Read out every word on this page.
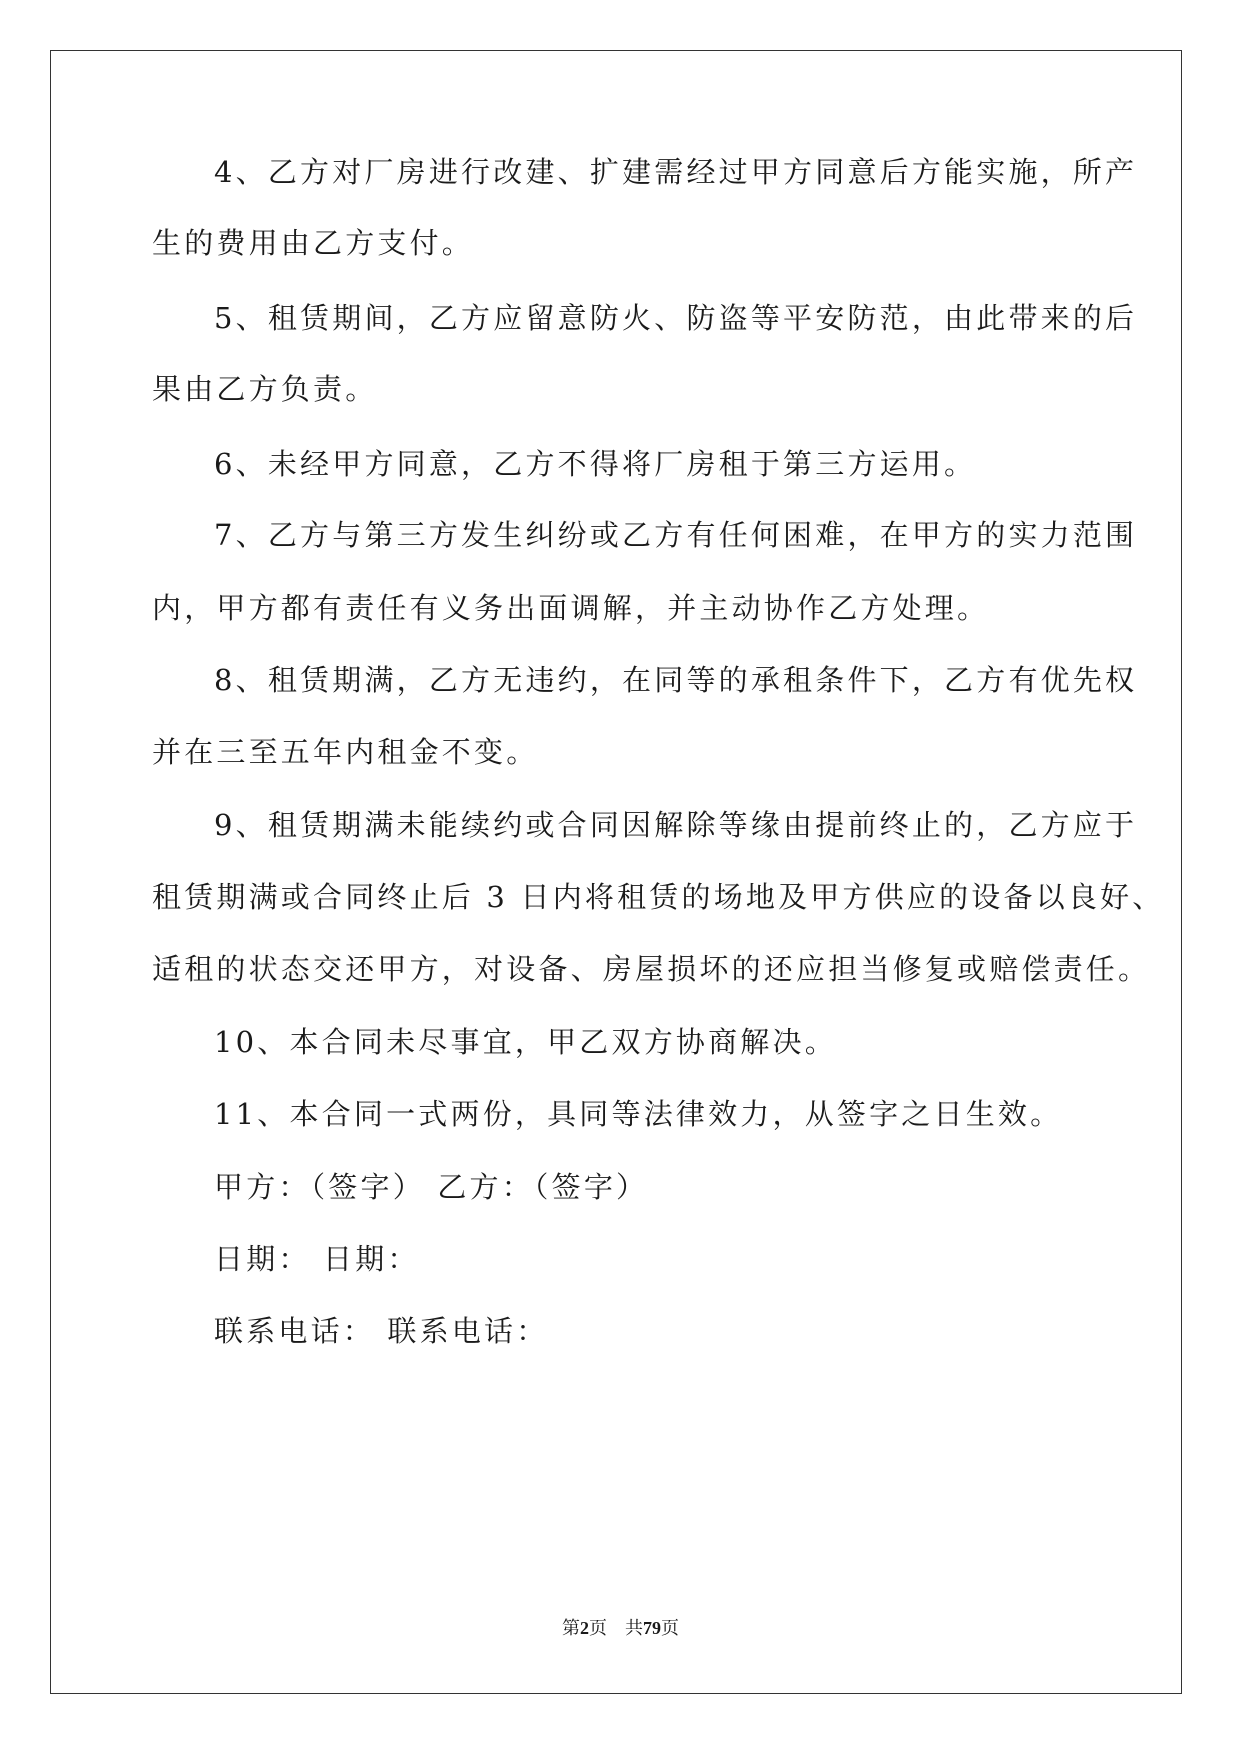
4、乙方对厂房进行改建、扩建需经过甲方同意后方能实施，所产
生的费用由乙方支付。
5、租赁期间，乙方应留意防火、防盗等平安防范，由此带来的后
果由乙方负责。
6、未经甲方同意，乙方不得将厂房租于第三方运用。
7、乙方与第三方发生纠纷或乙方有任何困难，在甲方的实力范围
内，甲方都有责任有义务出面调解，并主动协作乙方处理。
8、租赁期满，乙方无违约，在同等的承租条件下，乙方有优先权
并在三至五年内租金不变。
9、租赁期满未能续约或合同因解除等缘由提前终止的，乙方应于
租赁期满或合同终止后 3 日内将租赁的场地及甲方供应的设备以良好、
适租的状态交还甲方，对设备、房屋损坏的还应担当修复或赔偿责任。
10、本合同未尽事宜，甲乙双方协商解决。
11、本合同一式两份，具同等法律效力，从签字之日生效。
甲方：（签字） 乙方：（签字）
日期： 日期：
联系电话： 联系电话：
第2页    共79页
